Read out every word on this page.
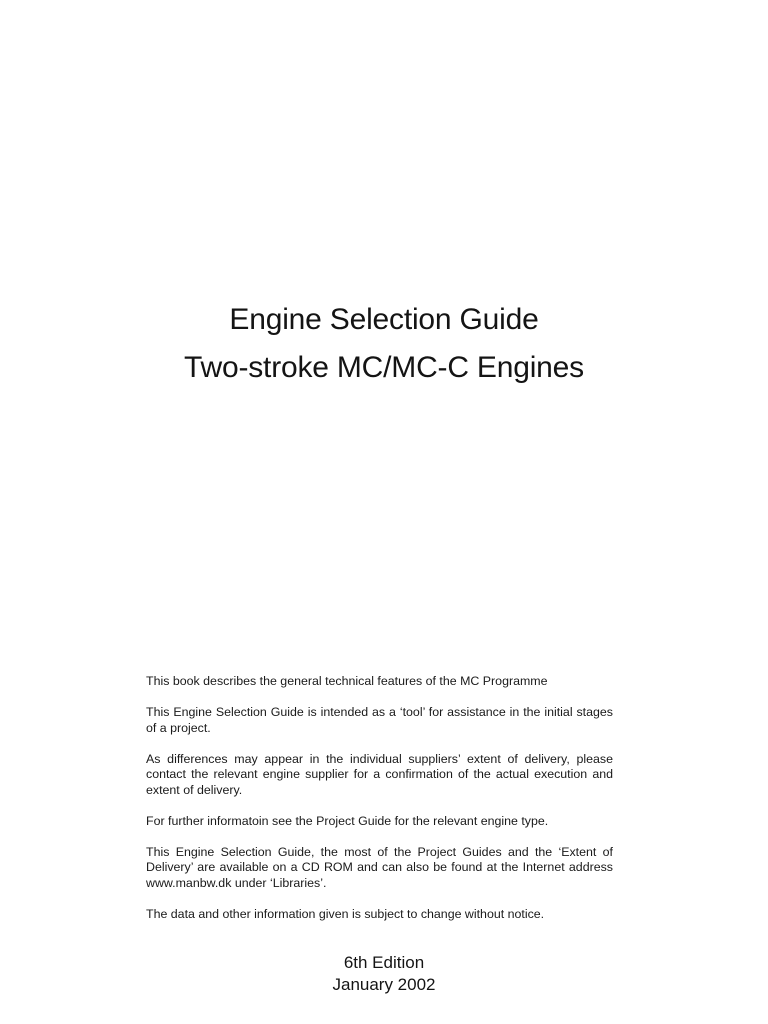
Engine Selection Guide
Two-stroke MC/MC-C Engines

This book describes the general technical features of the MC Programme

This Engine Selection Guide is intended as a ‘tool’ for assistance in the initial stages of a project.

As differences may appear in the individual suppliers’ extent of delivery, please contact the relevant engine supplier for a confirmation of the actual execution and extent of delivery.

For further informatoin see the Project Guide for the relevant engine type.

This Engine Selection Guide, the most of the Project Guides and the ‘Extent of Delivery’ are available on a CD ROM and can also be found at the Internet address www.manbw.dk under ‘Libraries’.

The data and other information given is subject to change without notice.

6th Edition
January 2002
